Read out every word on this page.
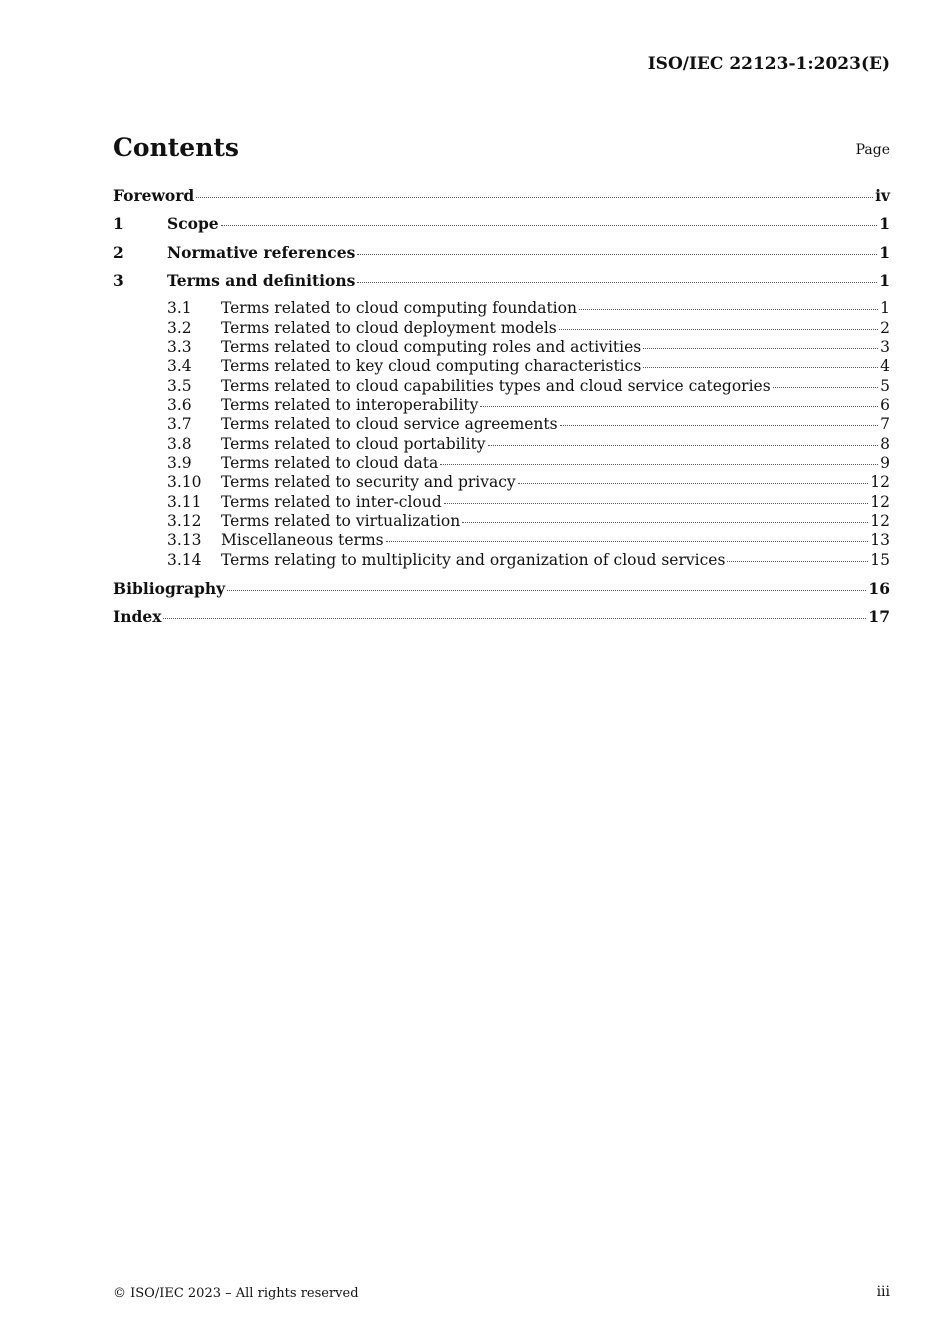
ISO/IEC 22123-1:2023(E)
Contents	Page
Foreword	iv
1	Scope	1
2	Normative references	1
3	Terms and definitions	1
3.1	Terms related to cloud computing foundation	1
3.2	Terms related to cloud deployment models	2
3.3	Terms related to cloud computing roles and activities	3
3.4	Terms related to key cloud computing characteristics	4
3.5	Terms related to cloud capabilities types and cloud service categories	5
3.6	Terms related to interoperability	6
3.7	Terms related to cloud service agreements	7
3.8	Terms related to cloud portability	8
3.9	Terms related to cloud data	9
3.10	Terms related to security and privacy	12
3.11	Terms related to inter-cloud	12
3.12	Terms related to virtualization	12
3.13	Miscellaneous terms	13
3.14	Terms relating to multiplicity and organization of cloud services	15
Bibliography	16
Index	17
© ISO/IEC 2023 – All rights reserved	iii
